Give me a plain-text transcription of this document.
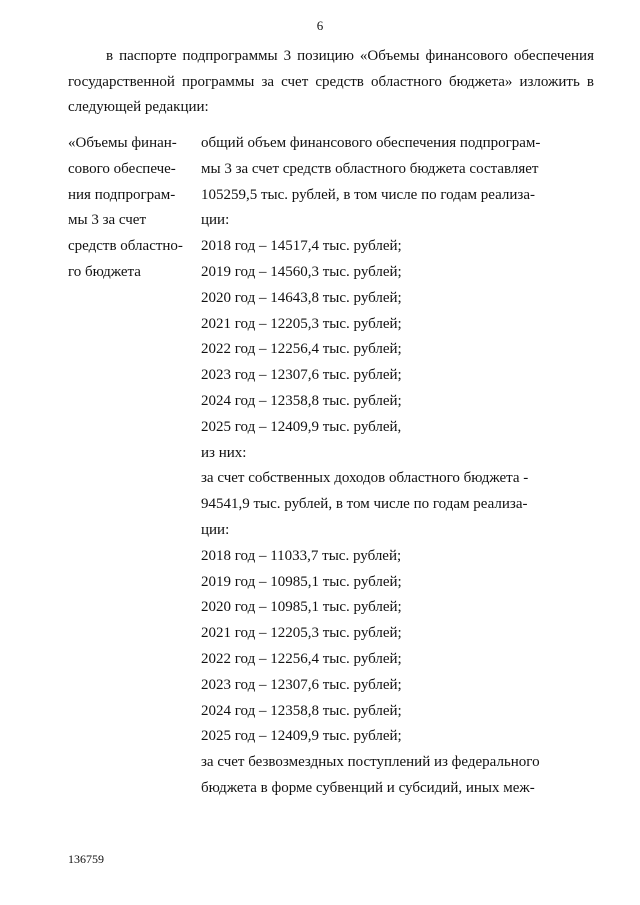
6
в паспорте подпрограммы 3 позицию «Объемы финансового обеспечения
государственной программы за счет средств областного бюджета» изложить в
следующей редакции:
«Объемы финан-
сового обеспече-
ния подпрограм-
мы 3 за счет
средств областно-
го бюджета
общий объем финансового обеспечения подпрограм-
мы 3 за счет средств областного бюджета составляет
105259,5 тыс. рублей, в том числе по годам реализа-
ции:
2018 год – 14517,4 тыс. рублей;
2019 год – 14560,3 тыс. рублей;
2020 год – 14643,8 тыс. рублей;
2021 год – 12205,3 тыс. рублей;
2022 год – 12256,4 тыс. рублей;
2023 год – 12307,6 тыс. рублей;
2024 год – 12358,8 тыс. рублей;
2025 год – 12409,9 тыс. рублей,
из них:
за счет собственных доходов областного бюджета -
94541,9 тыс. рублей, в том числе по годам реализа-
ции:
2018 год – 11033,7 тыс. рублей;
2019 год – 10985,1 тыс. рублей;
2020 год – 10985,1 тыс. рублей;
2021 год – 12205,3 тыс. рублей;
2022 год – 12256,4 тыс. рублей;
2023 год – 12307,6 тыс. рублей;
2024 год – 12358,8 тыс. рублей;
2025 год – 12409,9 тыс. рублей;
за счет безвозмездных поступлений из федерального
бюджета в форме субвенций и субсидий, иных меж-
136759
